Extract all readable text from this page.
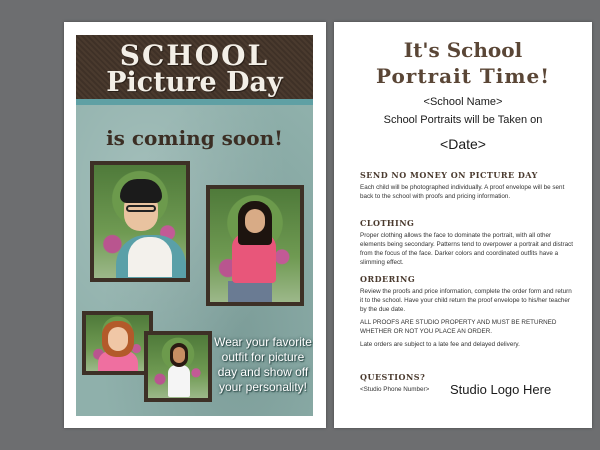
SCHOOL
Picture Day
is coming soon!
Wear your favorite
outfit for picture
day and show off
your personality!
It's School
Portrait Time!
<School Name>
School Portraits will be Taken on
<Date>
SEND NO MONEY ON PICTURE DAY

Each child will be photographed individually. A proof envelope will be sent back to the school with proofs and pricing information.

CLOTHING

Proper clothing allows the face to dominate the portrait, with all other elements being secondary. Patterns tend to overpower a portrait and distract from the focus of the face. Darker colors and coordinated outfits have a slimming effect.

ORDERING

Review the proofs and price information, complete the order form and return it to the school. Have your child return the proof envelope to his/her teacher by the due date.

ALL PROOFS ARE STUDIO PROPERTY AND MUST BE RETURNED WHETHER OR NOT YOU PLACE AN ORDER.

Late orders are subject to a late fee and delayed delivery.

QUESTIONS?

<Studio Phone Number>	Studio Logo Here
